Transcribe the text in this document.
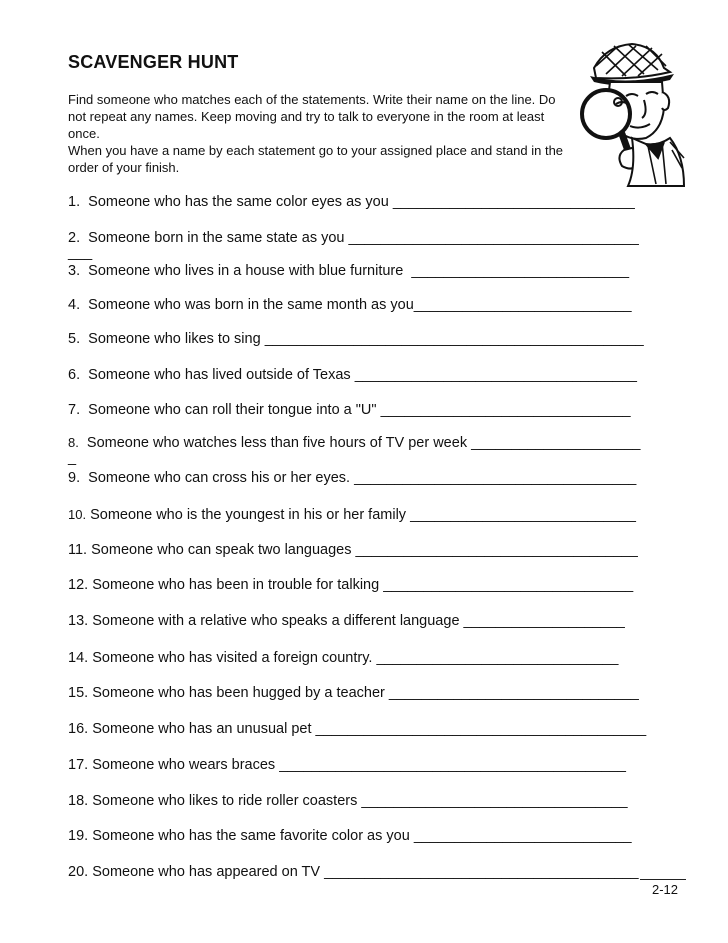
SCAVENGER HUNT

Find someone who matches each of the statements. Write their name on the line. Do not repeat any names. Keep moving and try to talk to everyone in the room at least once.

When you have a name by each statement go to your assigned place and stand in the order of your finish.

1. Someone who has the same color eyes as you ______________________________

2. Someone born in the same state as you ____________________________________

___

3. Someone who lives in a house with blue furniture ___________________________

4. Someone who was born in the same month as you___________________________

5. Someone who likes to sing _______________________________________________

6. Someone who has lived outside of Texas ___________________________________

7. Someone who can roll their tongue into a "U" _______________________________

8. Someone who watches less than five hours of TV per week _____________________

_

9. Someone who can cross his or her eyes. ___________________________________

10. Someone who is the youngest in his or her family ____________________________

11. Someone who can speak two languages ___________________________________

12. Someone who has been in trouble for talking _______________________________

13. Someone with a relative who speaks a different language ____________________

14. Someone who has visited a foreign country. ______________________________

15. Someone who has been hugged by a teacher _______________________________

16. Someone who has an unusual pet _________________________________________

17. Someone who wears braces ___________________________________________

18. Someone who likes to ride roller coasters _________________________________

19. Someone who has the same favorite color as you ___________________________

20. Someone who has appeared on TV _______________________________________

2-12
